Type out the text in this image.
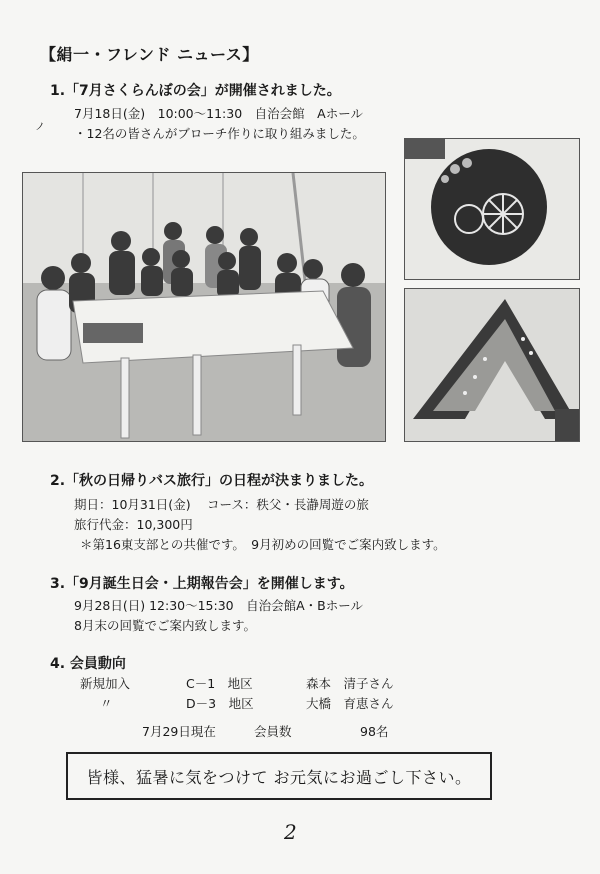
【絹一・フレンド ニュース】
ノ
1.「7月さくらんぼの会」が開催されました。
7月18日(金)　10:00～11:30　自治会館　Aホール
・12名の皆さんがブローチ作りに取り組みました。
2.「秋の日帰りバス旅行」の日程が決まりました。
期日：10月31日(金)　 コース：秩父・長瀞周遊の旅
旅行代金：10,300円
＊第16東支部との共催です。　9月初めの回覧でご案内致します。
3.「9月誕生日会・上期報告会」を開催します。
9月28日(日) 12:30～15:30　自治会館A・Bホール
8月末の回覧でご案内致します。
4. 会員動向
新規加入	C－1　地区	森本　清子さん
〃	D－3　地区	大橋　育恵さん
7月29日現在	会員数	98名
皆様、猛暑に気をつけて お元気にお過ごし下さい。
2
